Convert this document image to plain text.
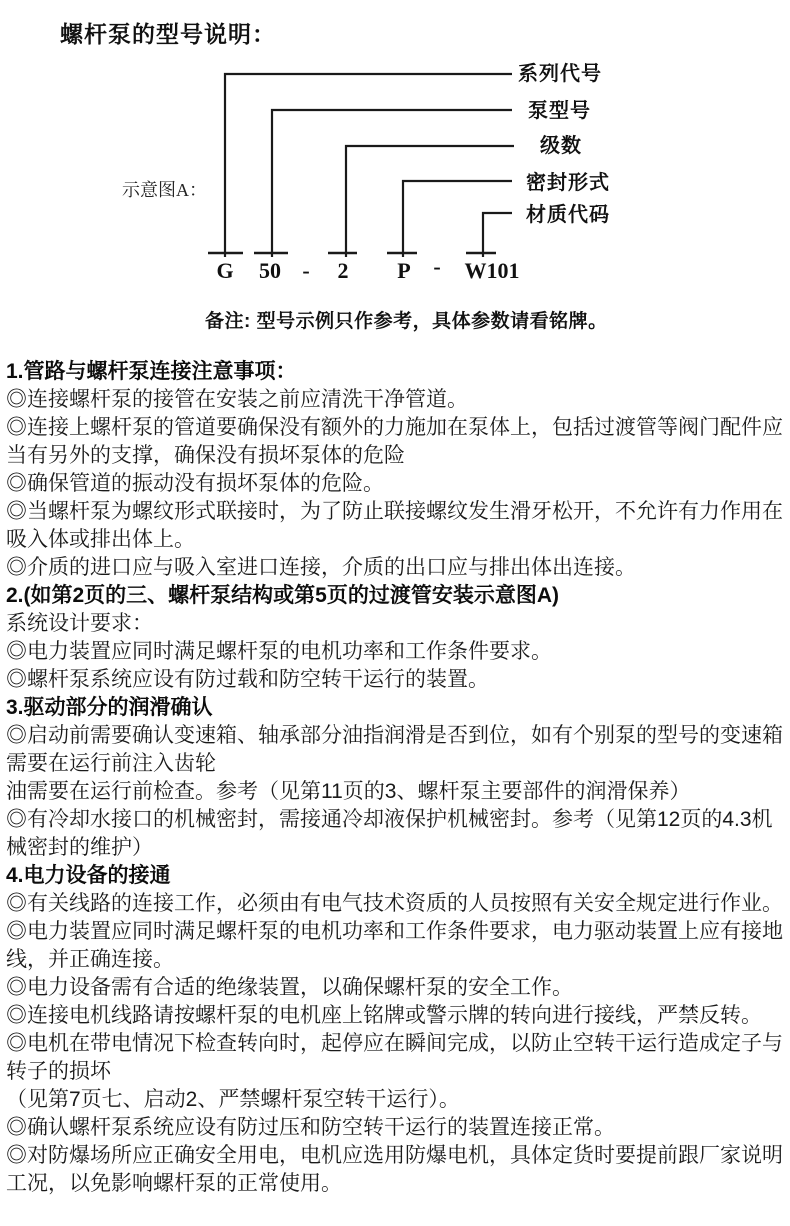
螺杆泵的型号说明：
示意图A：
系列代号
泵型号
级数
密封形式
材质代码
G 50 - 2 P - W101
备注: 型号示例只作参考，具体参数请看铭牌。

1.管路与螺杆泵连接注意事项：

◎连接螺杆泵的接管在安装之前应清洗干净管道。

◎连接上螺杆泵的管道要确保没有额外的力施加在泵体上，包括过渡管等阀门配件应当有另外的支撑，确保没有损坏泵体的危险

◎确保管道的振动没有损坏泵体的危险。

◎当螺杆泵为螺纹形式联接时，为了防止联接螺纹发生滑牙松开，不允许有力作用在吸入体或排出体上。

◎介质的进口应与吸入室进口连接，介质的出口应与排出体出连接。

2.(如第2页的三、螺杆泵结构或第5页的过渡管安装示意图A)

系统设计要求：

◎电力装置应同时满足螺杆泵的电机功率和工作条件要求。

◎螺杆泵系统应设有防过载和防空转干运行的装置。

3.驱动部分的润滑确认

◎启动前需要确认变速箱、轴承部分油指润滑是否到位，如有个别泵的型号的变速箱需要在运行前注入齿轮

油需要在运行前检查。参考（见第11页的3、螺杆泵主要部件的润滑保养）

◎有冷却水接口的机械密封，需接通冷却液保护机械密封。参考（见第12页的4.3机械密封的维护）

4.电力设备的接通

◎有关线路的连接工作，必须由有电气技术资质的人员按照有关安全规定进行作业。

◎电力装置应同时满足螺杆泵的电机功率和工作条件要求，电力驱动装置上应有接地线，并正确连接。

◎电力设备需有合适的绝缘装置，以确保螺杆泵的安全工作。

◎连接电机线路请按螺杆泵的电机座上铭牌或警示牌的转向进行接线，严禁反转。

◎电机在带电情况下检查转向时，起停应在瞬间完成，以防止空转干运行造成定子与转子的损坏

（见第7页七、启动2、严禁螺杆泵空转干运行）。

◎确认螺杆泵系统应设有防过压和防空转干运行的装置连接正常。

◎对防爆场所应正确安全用电，电机应选用防爆电机，具体定货时要提前跟厂家说明工况，以免影响螺杆泵的正常使用。
